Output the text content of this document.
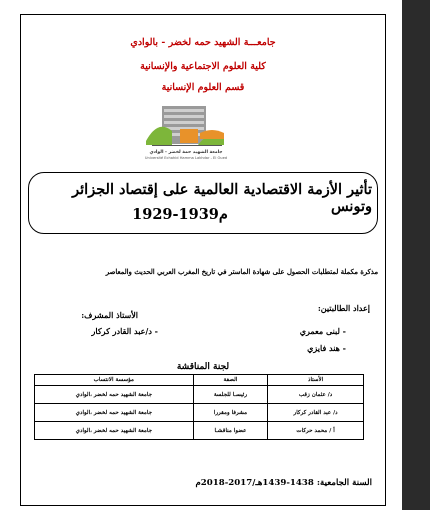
جامعـــة الشهيد حمه لخضر - بالوادي
كلية العلوم الاجتماعية والإنسانية
قسم العلوم الإنسانية
جامعة الشهيد حمة لخضر - الوادي
Université Echahid Hamma Lakhdar - El Oued
تأثير الأزمة الاقتصادية العالمية على إقتصاد الجزائر وتونس
1929-1939م
مذكرة مكملة لمتطلبات الحصول على شهادة الماستر في تاريخ المغرب العربي الحديث والمعاصر
إعداد الطالبتين:
- لبنى معمري
- هند فايزي
الأستاذ المشرف:
- د/عبد القادر كركار
لجنة المناقشة
الأستاذ	الصفة	مؤسسة الانتساب
د/ عثمان زقب	رئيسـا للجلسة	جامعة الشهيد حمه لخضر ،الوادي
د/ عبد القادر كركار	مشرفا ومقررا	جامعة الشهيد حمه لخضر ،الوادي
أ / محمد حركات	عضوا مناقشـا	جامعة الشهيد حمه لخضر ،الوادي
السنة الجامعية: 1438-1439هـ/2017-2018م
